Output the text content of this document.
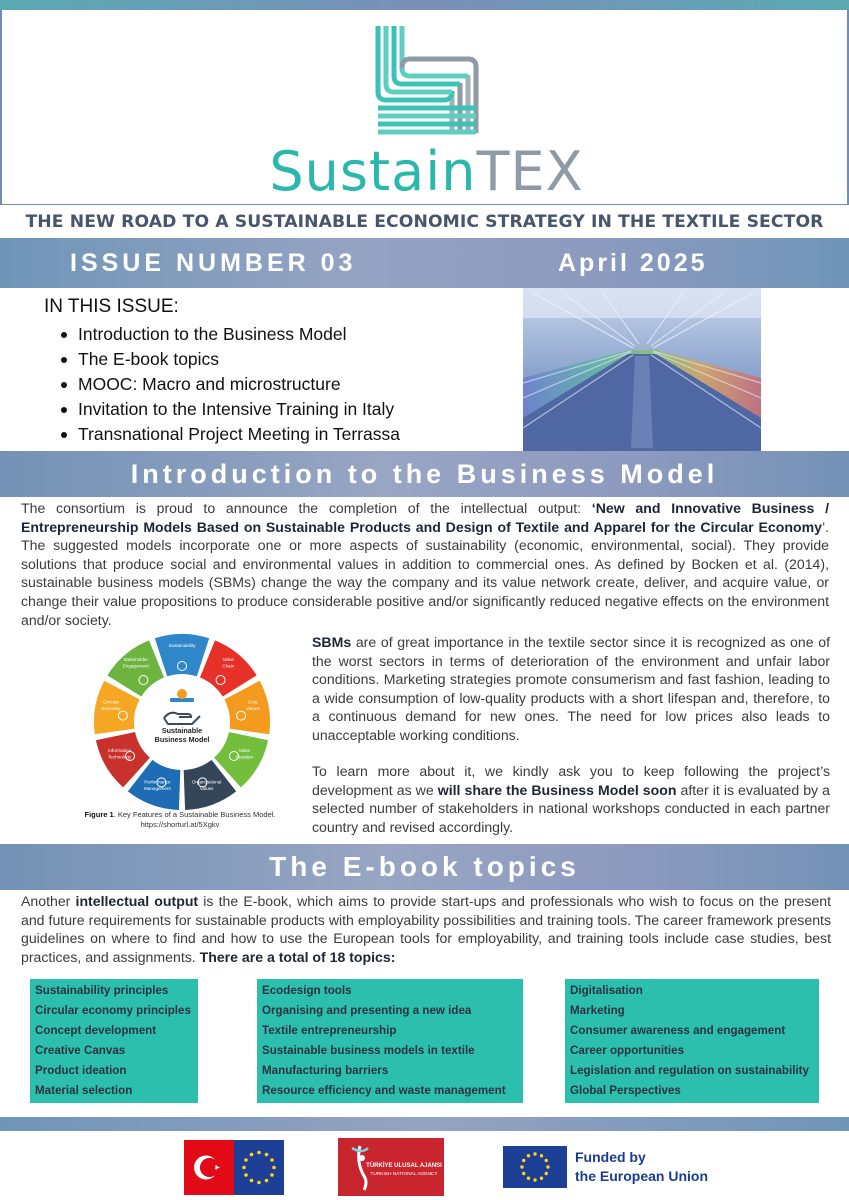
SustainTEX
THE NEW ROAD TO A SUSTAINABLE ECONOMIC STRATEGY IN THE TEXTILE SECTOR
ISSUE NUMBER 03	April 2025
IN THIS ISSUE:
Introduction to the Business Model
The E-book topics
MOOC: Macro and microstructure
Invitation to the Intensive Training in Italy
Transnational Project Meeting in Terrassa
Introduction to the Business Model

The consortium is proud to announce the completion of the intellectual output: ‘New and Innovative Business / Entrepreneurship Models Based on Sustainable Products and Design of Textile and Apparel for the Circular Economy’. The suggested models incorporate one or more aspects of sustainability (economic, environmental, social). They provide solutions that produce social and environmental values in addition to commercial ones. As defined by Bocken et al. (2014), sustainable business models (SBMs) change the way the company and its value network create, deliver, and acquire value, or change their value propositions to produce considerable positive and/or significantly reduced negative effects on the environment and/or society.

Sustainability
Value
Chain
Core
Values
Value
Creation
Organizational
Values
Performance
Management
Information
Technology
Circular
Economy
Stakeholder
Engagement
Sustainable
Business Model
Figure 1. Key Features of a Sustainable Business Model. https://shorturl.at/5Xgkv

SBMs are of great importance in the textile sector since it is recognized as one of the worst sectors in terms of deterioration of the environment and unfair labor conditions. Marketing strategies promote consumerism and fast fashion, leading to a wide consumption of low-quality products with a short lifespan and, therefore, to a continuous demand for new ones. The need for low prices also leads to unacceptable working conditions.

To learn more about it, we kindly ask you to keep following the project’s development as we will share the Business Model soon after it is evaluated by a selected number of stakeholders in national workshops conducted in each partner country and revised accordingly.

The E-book topics

Another intellectual output is the E-book, which aims to provide start-ups and professionals who wish to focus on the present and future requirements for sustainable products with employability possibilities and training tools. The career framework presents guidelines on where to find and how to use the European tools for employability, and training tools include case studies, best practices, and assignments. There are a total of 18 topics:

Sustainability principles
Circular economy principles
Concept development
Creative Canvas
Product ideation
Material selection
Ecodesign tools
Organising and presenting a new idea
Textile entrepreneurship
Sustainable business models in textile
Manufacturing barriers
Resource efficiency and waste management
Digitalisation
Marketing
Consumer awareness and engagement
Career opportunities
Legislation and regulation on sustainability
Global Perspectives
TÜRKİYE ULUSAL AJANSI
TURKISH NATIONAL AGENCY
Funded by
the European Union
